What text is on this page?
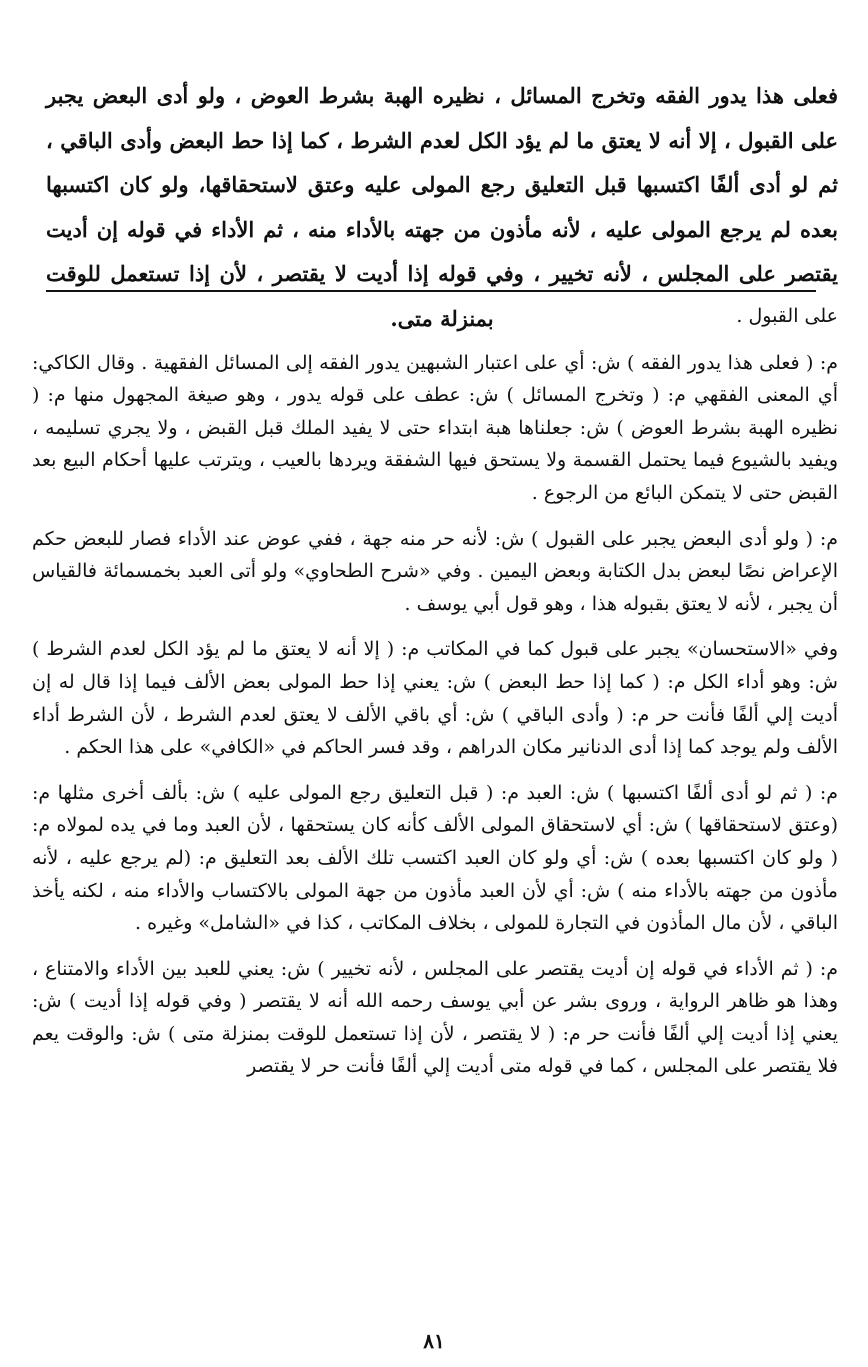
فعلى هذا يدور الفقه وتخرج المسائل ، نظيره الهبة بشرط العوض ، ولو أدى البعض يجبر على القبول ، إلا أنه لا يعتق ما لم يؤد الكل لعدم الشرط ، كما إذا حط البعض وأدى الباقي ، ثم لو أدى ألفًا اكتسبها قبل التعليق رجع المولى عليه وعتق لاستحقاقها، ولو كان اكتسبها بعده لم يرجع المولى عليه ، لأنه مأذون من جهته بالأداء منه ، ثم الأداء في قوله إن أديت يقتصر على المجلس ، لأنه تخيير ، وفي قوله إذا أديت لا يقتصر ، لأن إذا تستعمل للوقت بمنزلة متى.	على القبول .

م: ( فعلى هذا يدور الفقه ) ش: أي على اعتبار الشبهين يدور الفقه إلى المسائل الفقهية . وقال الكاكي: أي المعنى الفقهي م: ( وتخرج المسائل ) ش: عطف على قوله يدور ، وهو صيغة المجهول منها م: ( نظيره الهبة بشرط العوض ) ش: جعلناها هبة ابتداء حتى لا يفيد الملك قبل القبض ، ولا يجري تسليمه ، ويفيد بالشيوع فيما يحتمل القسمة ولا يستحق فيها الشفقة ويردها بالعيب ، ويترتب عليها أحكام البيع بعد القبض حتى لا يتمكن البائع من الرجوع .

م: ( ولو أدى البعض يجبر على القبول ) ش: لأنه حر منه جهة ، ففي عوض عند الأداء فصار للبعض حكم الإعراض نصًا لبعض بدل الكتابة وبعض اليمين . وفي «شرح الطحاوي» ولو أتى العبد بخمسمائة فالقياس أن يجبر ، لأنه لا يعتق بقبوله هذا ، وهو قول أبي يوسف .

وفي «الاستحسان» يجبر على قبول كما في المكاتب م: ( إلا أنه لا يعتق ما لم يؤد الكل لعدم الشرط ) ش: وهو أداء الكل م: ( كما إذا حط البعض ) ش: يعني إذا حط المولى بعض الألف فيما إذا قال له إن أديت إلي ألفًا فأنت حر م: ( وأدى الباقي ) ش: أي باقي الألف لا يعتق لعدم الشرط ، لأن الشرط أداء الألف ولم يوجد كما إذا أدى الدنانير مكان الدراهم ، وقد فسر الحاكم في «الكافي» على هذا الحكم .

م: ( ثم لو أدى ألفًا اكتسبها ) ش: العبد م: ( قبل التعليق رجع المولى عليه ) ش: بألف أخرى مثلها م: (وعتق لاستحقاقها ) ش: أي لاستحقاق المولى الألف كأنه كان يستحقها ، لأن العبد وما في يده لمولاه م: ( ولو كان اكتسبها بعده ) ش: أي ولو كان العبد اكتسب تلك الألف بعد التعليق م: (لم يرجع عليه ، لأنه مأذون من جهته بالأداء منه ) ش: أي لأن العبد مأذون من جهة المولى بالاكتساب والأداء منه ، لكنه يأخذ الباقي ، لأن مال المأذون في التجارة للمولى ، بخلاف المكاتب ، كذا في «الشامل» وغيره .

م: ( ثم الأداء في قوله إن أديت يقتصر على المجلس ، لأنه تخيير ) ش: يعني للعبد بين الأداء والامتناع ، وهذا هو ظاهر الرواية ، وروى بشر عن أبي يوسف رحمه الله أنه لا يقتصر ( وفي قوله إذا أديت ) ش: يعني إذا أديت إلي ألفًا فأنت حر م: ( لا يقتصر ، لأن إذا تستعمل للوقت بمنزلة متى ) ش: والوقت يعم فلا يقتصر على المجلس ، كما في قوله متى أديت إلي ألفًا فأنت حر لا يقتصر

٨١
